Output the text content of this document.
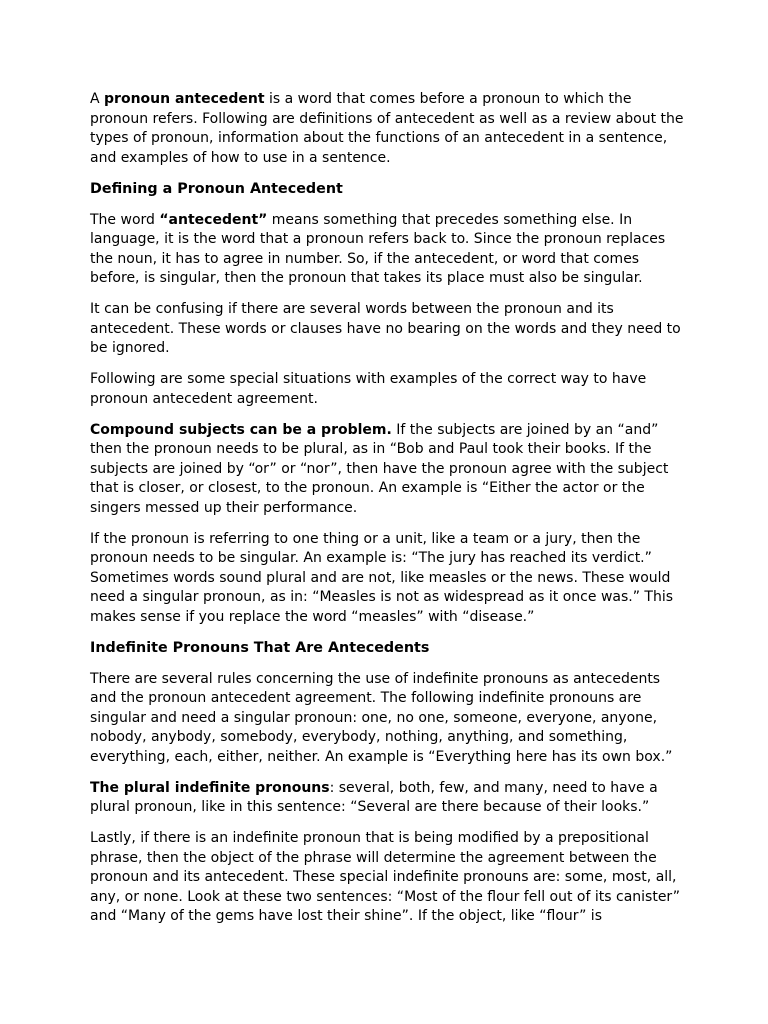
A pronoun antecedent is a word that comes before a pronoun to which the pronoun refers. Following are definitions of antecedent as well as a review about the types of pronoun, information about the functions of an antecedent in a sentence, and examples of how to use in a sentence.

Defining a Pronoun Antecedent

The word “antecedent” means something that precedes something else. In language, it is the word that a pronoun refers back to. Since the pronoun replaces the noun, it has to agree in number. So, if the antecedent, or word that comes before, is singular, then the pronoun that takes its place must also be singular.

It can be confusing if there are several words between the pronoun and its antecedent. These words or clauses have no bearing on the words and they need to be ignored.

Following are some special situations with examples of the correct way to have pronoun antecedent agreement.

Compound subjects can be a problem. If the subjects are joined by an “and” then the pronoun needs to be plural, as in “Bob and Paul took their books. If the subjects are joined by “or” or “nor”, then have the pronoun agree with the subject that is closer, or closest, to the pronoun. An example is “Either the actor or the singers messed up their performance.

If the pronoun is referring to one thing or a unit, like a team or a jury, then the pronoun needs to be singular. An example is: “The jury has reached its verdict.” Sometimes words sound plural and are not, like measles or the news. These would need a singular pronoun, as in: “Measles is not as widespread as it once was.” This makes sense if you replace the word “measles” with “disease.”

Indefinite Pronouns That Are Antecedents

There are several rules concerning the use of indefinite pronouns as antecedents and the pronoun antecedent agreement. The following indefinite pronouns are singular and need a singular pronoun: one, no one, someone, everyone, anyone, nobody, anybody, somebody, everybody, nothing, anything, and something, everything, each, either, neither. An example is “Everything here has its own box.”

The plural indefinite pronouns: several, both, few, and many, need to have a plural pronoun, like in this sentence: “Several are there because of their looks.”

Lastly, if there is an indefinite pronoun that is being modified by a prepositional phrase, then the object of the phrase will determine the agreement between the pronoun and its antecedent. These special indefinite pronouns are: some, most, all, any, or none. Look at these two sentences: “Most of the flour fell out of its canister” and “Many of the gems have lost their shine”. If the object, like “flour” is
